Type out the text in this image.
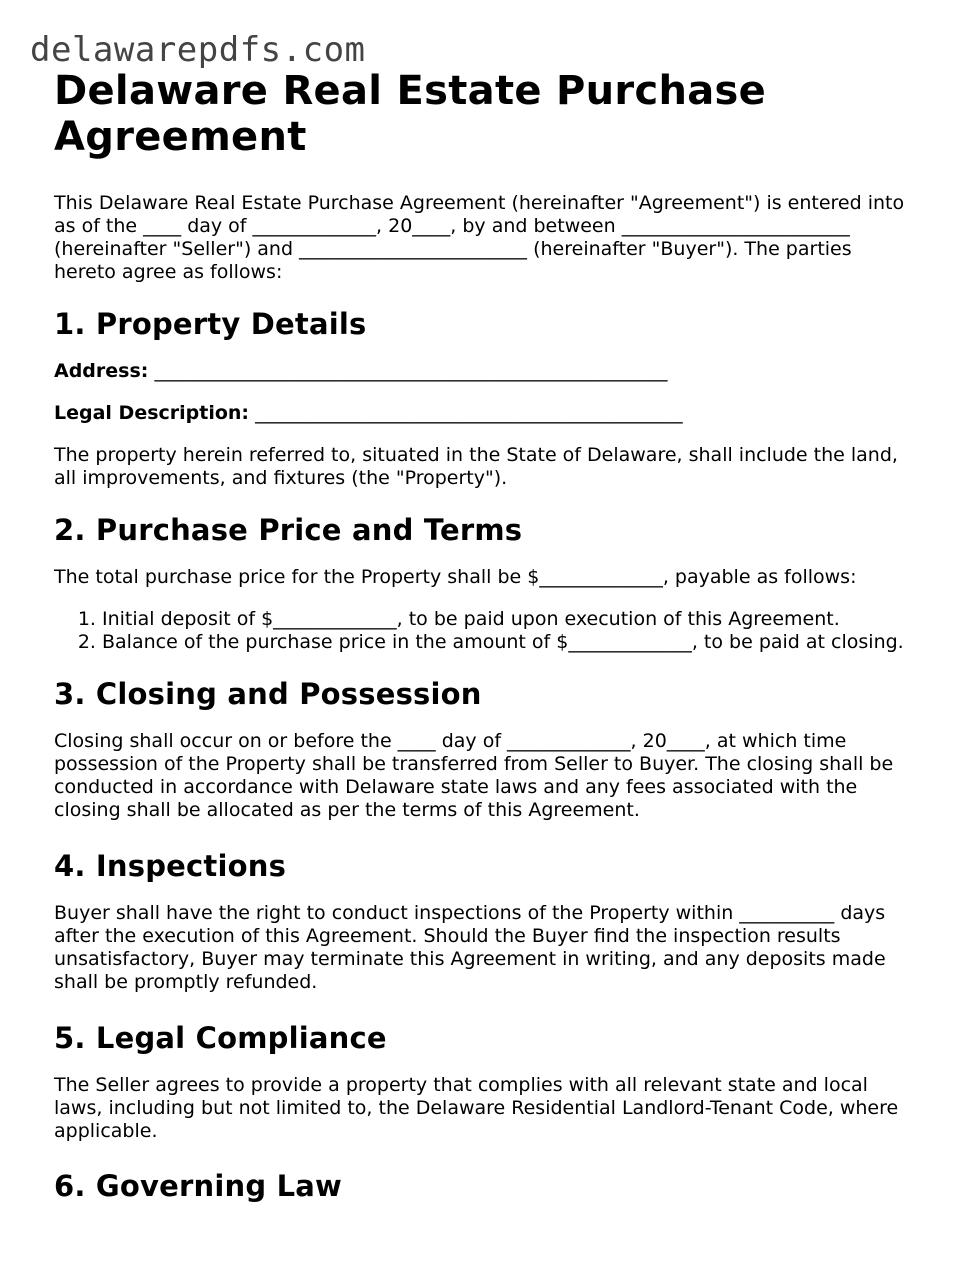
delawarepdfs.com
Delaware Real Estate Purchase
Agreement

This Delaware Real Estate Purchase Agreement (hereinafter "Agreement") is entered into
as of the ____ day of _____________, 20____, by and between ________________________
(hereinafter "Seller") and ________________________ (hereinafter "Buyer"). The parties
hereto agree as follows:

1. Property Details

Address: ______________________________________________________

Legal Description: _____________________________________________

The property herein referred to, situated in the State of Delaware, shall include the land,
all improvements, and fixtures (the "Property").

2. Purchase Price and Terms

The total purchase price for the Property shall be $_____________, payable as follows:

1. Initial deposit of $_____________, to be paid upon execution of this Agreement.
2. Balance of the purchase price in the amount of $_____________, to be paid at closing.
3. Closing and Possession

Closing shall occur on or before the ____ day of _____________, 20____, at which time
possession of the Property shall be transferred from Seller to Buyer. The closing shall be
conducted in accordance with Delaware state laws and any fees associated with the
closing shall be allocated as per the terms of this Agreement.

4. Inspections

Buyer shall have the right to conduct inspections of the Property within __________ days
after the execution of this Agreement. Should the Buyer find the inspection results
unsatisfactory, Buyer may terminate this Agreement in writing, and any deposits made
shall be promptly refunded.

5. Legal Compliance

The Seller agrees to provide a property that complies with all relevant state and local
laws, including but not limited to, the Delaware Residential Landlord-Tenant Code, where
applicable.

6. Governing Law
